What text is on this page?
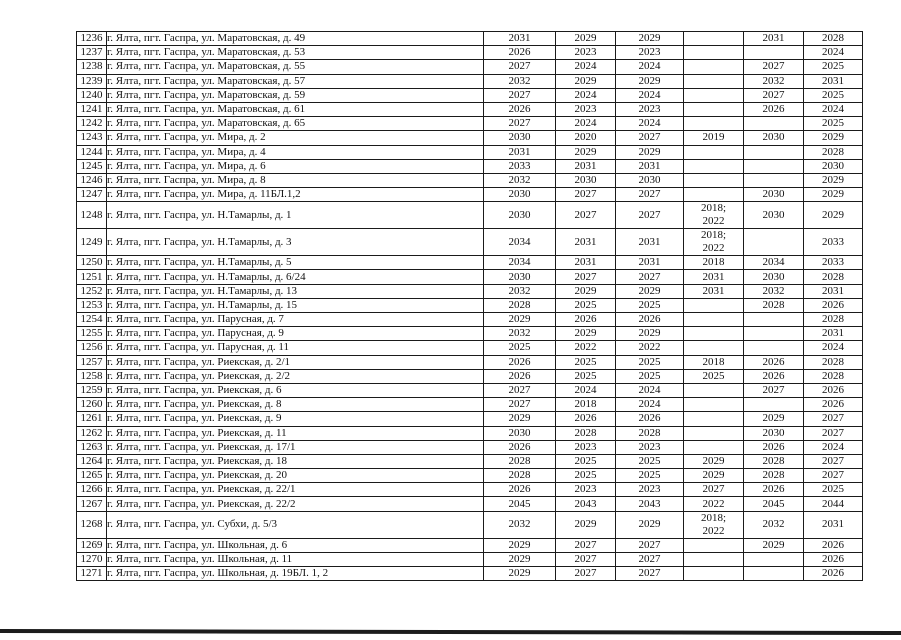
1236	г. Ялта, пгт. Гаспра, ул. Маратовская, д. 49	2031	2029	2029		2031	2028
1237	г. Ялта, пгт. Гаспра, ул. Маратовская, д. 53	2026	2023	2023			2024
1238	г. Ялта, пгт. Гаспра, ул. Маратовская, д. 55	2027	2024	2024		2027	2025
1239	г. Ялта, пгт. Гаспра, ул. Маратовская, д. 57	2032	2029	2029		2032	2031
1240	г. Ялта, пгт. Гаспра, ул. Маратовская, д. 59	2027	2024	2024		2027	2025
1241	г. Ялта, пгт. Гаспра, ул. Маратовская, д. 61	2026	2023	2023		2026	2024
1242	г. Ялта, пгт. Гаспра, ул. Маратовская, д. 65	2027	2024	2024			2025
1243	г. Ялта, пгт. Гаспра, ул. Мира, д. 2	2030	2020	2027	2019	2030	2029
1244	г. Ялта, пгт. Гаспра, ул. Мира, д. 4	2031	2029	2029			2028
1245	г. Ялта, пгт. Гаспра, ул. Мира, д. 6	2033	2031	2031			2030
1246	г. Ялта, пгт. Гаспра, ул. Мира, д. 8	2032	2030	2030			2029
1247	г. Ялта, пгт. Гаспра, ул. Мира, д. 11БЛ.1,2	2030	2027	2027		2030	2029
1248	г. Ялта, пгт. Гаспра, ул. Н.Тамарлы, д. 1	2030	2027	2027	2018;
2022	2030	2029
1249	г. Ялта, пгт. Гаспра, ул. Н.Тамарлы, д. 3	2034	2031	2031	2018;
2022		2033
1250	г. Ялта, пгт. Гаспра, ул. Н.Тамарлы, д. 5	2034	2031	2031	2018	2034	2033
1251	г. Ялта, пгт. Гаспра, ул. Н.Тамарлы, д. 6/24	2030	2027	2027	2031	2030	2028
1252	г. Ялта, пгт. Гаспра, ул. Н.Тамарлы, д. 13	2032	2029	2029	2031	2032	2031
1253	г. Ялта, пгт. Гаспра, ул. Н.Тамарлы, д. 15	2028	2025	2025		2028	2026
1254	г. Ялта, пгт. Гаспра, ул. Парусная, д. 7	2029	2026	2026			2028
1255	г. Ялта, пгт. Гаспра, ул. Парусная, д. 9	2032	2029	2029			2031
1256	г. Ялта, пгт. Гаспра, ул. Парусная, д. 11	2025	2022	2022			2024
1257	г. Ялта, пгт. Гаспра, ул. Риекская, д. 2/1	2026	2025	2025	2018	2026	2028
1258	г. Ялта, пгт. Гаспра, ул. Риекская, д. 2/2	2026	2025	2025	2025	2026	2028
1259	г. Ялта, пгт. Гаспра, ул. Риекская, д. 6	2027	2024	2024		2027	2026
1260	г. Ялта, пгт. Гаспра, ул. Риекская, д. 8	2027	2018	2024			2026
1261	г. Ялта, пгт. Гаспра, ул. Риекская, д. 9	2029	2026	2026		2029	2027
1262	г. Ялта, пгт. Гаспра, ул. Риекская, д. 11	2030	2028	2028		2030	2027
1263	г. Ялта, пгт. Гаспра, ул. Риекская, д. 17/1	2026	2023	2023		2026	2024
1264	г. Ялта, пгт. Гаспра, ул. Риекская, д. 18	2028	2025	2025	2029	2028	2027
1265	г. Ялта, пгт. Гаспра, ул. Риекская, д. 20	2028	2025	2025	2029	2028	2027
1266	г. Ялта, пгт. Гаспра, ул. Риекская, д. 22/1	2026	2023	2023	2027	2026	2025
1267	г. Ялта, пгт. Гаспра, ул. Риекская, д. 22/2	2045	2043	2043	2022	2045	2044
1268	г. Ялта, пгт. Гаспра, ул. Субхи, д. 5/3	2032	2029	2029	2018;
2022	2032	2031
1269	г. Ялта, пгт. Гаспра, ул. Школьная, д. 6	2029	2027	2027		2029	2026
1270	г. Ялта, пгт. Гаспра, ул. Школьная, д. 11	2029	2027	2027			2026
1271	г. Ялта, пгт. Гаспра, ул. Школьная, д. 19БЛ. 1, 2	2029	2027	2027			2026
